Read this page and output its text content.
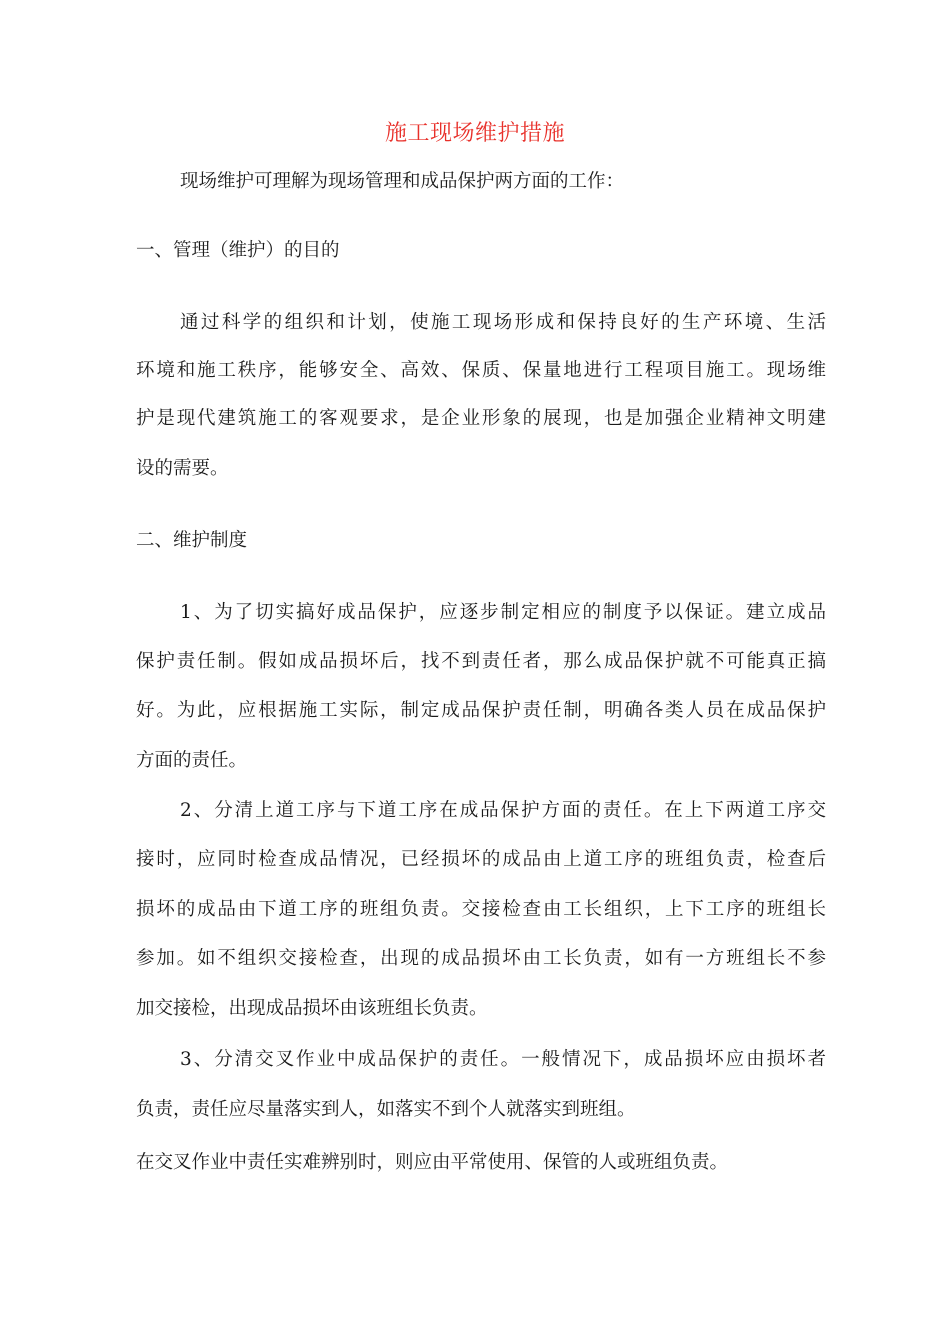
施工现场维护措施
现场维护可理解为现场管理和成品保护两方面的工作：
一、管理（维护）的目的
通过科学的组织和计划，使施工现场形成和保持良好的生产环境、生活
环境和施工秩序，能够安全、高效、保质、保量地进行工程项目施工。现场维
护是现代建筑施工的客观要求，是企业形象的展现，也是加强企业精神文明建
设的需要。
二、维护制度
1、为了切实搞好成品保护，应逐步制定相应的制度予以保证。建立成品
保护责任制。假如成品损坏后，找不到责任者，那么成品保护就不可能真正搞
好。为此，应根据施工实际，制定成品保护责任制，明确各类人员在成品保护
方面的责任。
2、分清上道工序与下道工序在成品保护方面的责任。在上下两道工序交
接时，应同时检查成品情况，已经损坏的成品由上道工序的班组负责，检查后
损坏的成品由下道工序的班组负责。交接检查由工长组织，上下工序的班组长
参加。如不组织交接检查，出现的成品损坏由工长负责，如有一方班组长不参
加交接检，出现成品损坏由该班组长负责。
3、分清交叉作业中成品保护的责任。一般情况下，成品损坏应由损坏者
负责，责任应尽量落实到人，如落实不到个人就落实到班组。
在交叉作业中责任实难辨别时，则应由平常使用、保管的人或班组负责。
